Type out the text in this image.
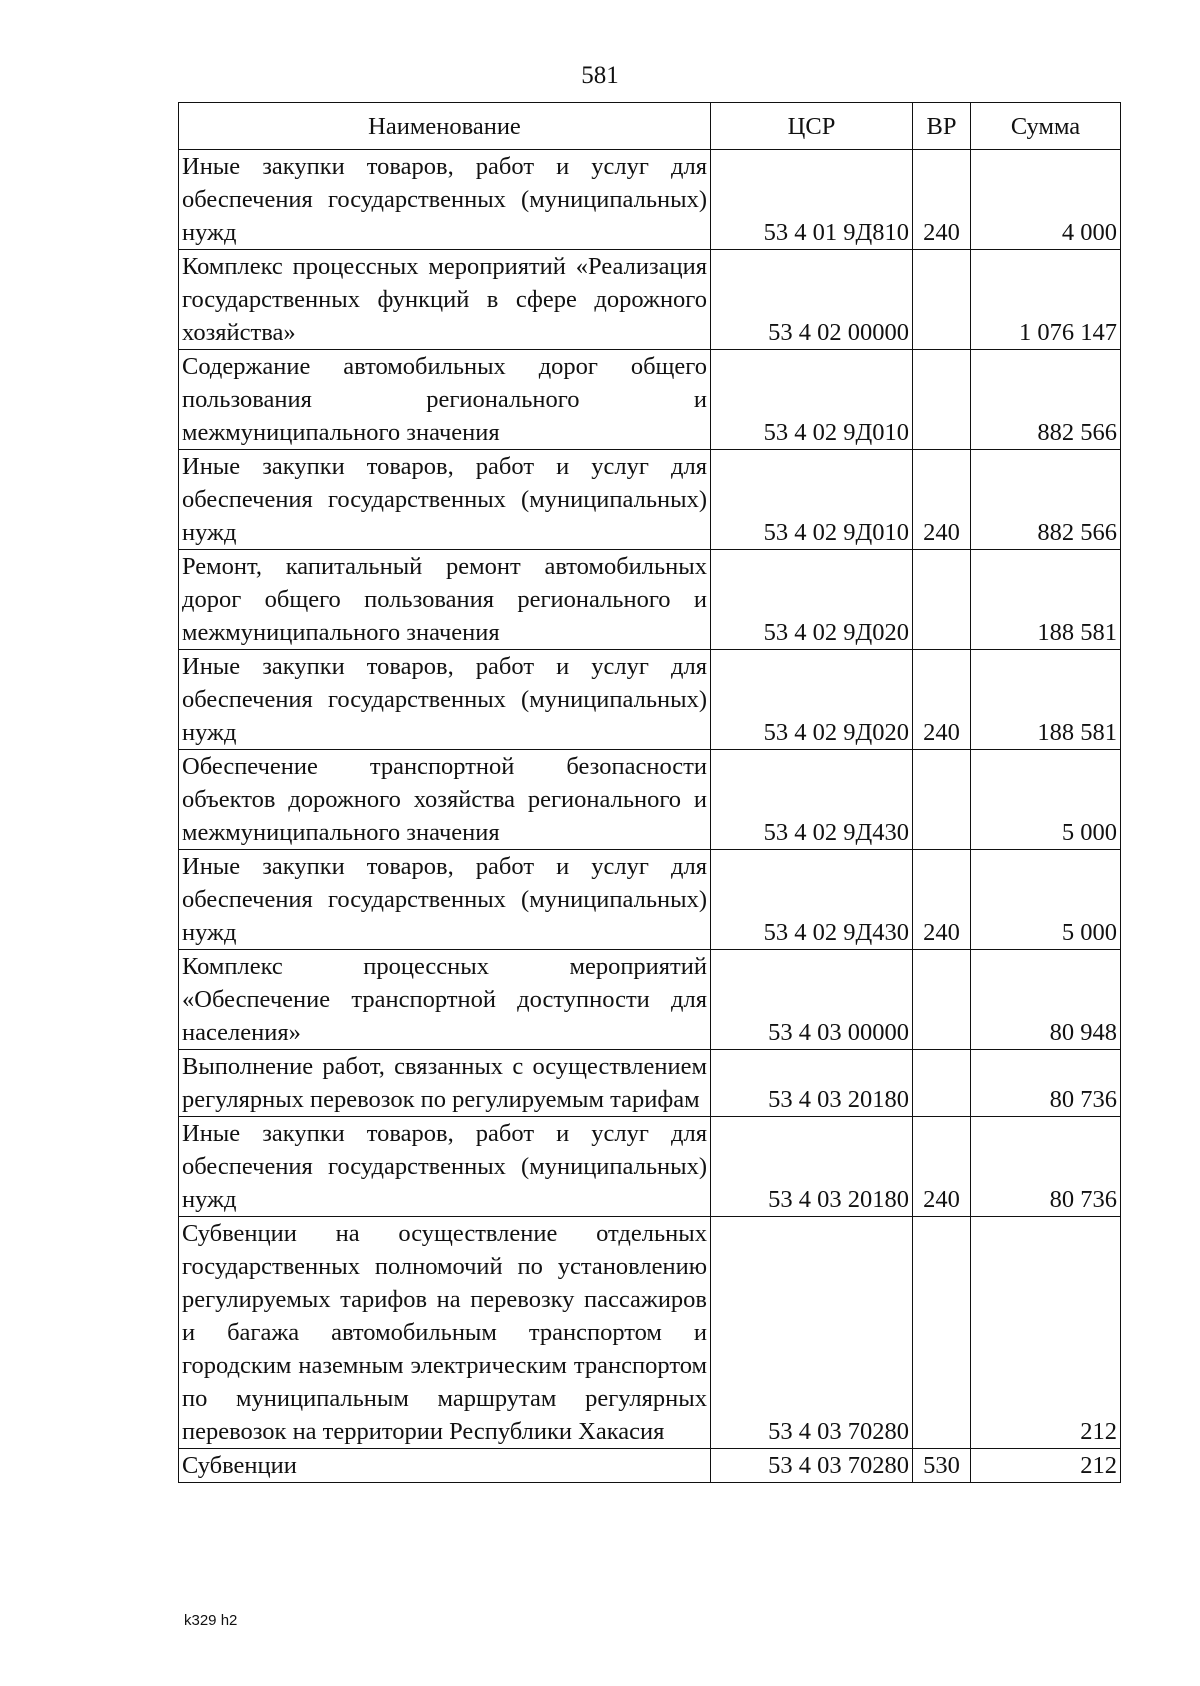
581
Наименование	ЦСР	ВР	Сумма
Иные закупки товаров, работ и услуг для обеспечения государственных (муниципальных) нужд	53 4 01 9Д810	240	4 000
Комплекс процессных мероприятий «Реализация государственных функций в сфере дорожного хозяйства»	53 4 02 00000		1 076 147
Содержание автомобильных дорог общего пользования регионального и межмуниципального значения	53 4 02 9Д010		882 566
Иные закупки товаров, работ и услуг для обеспечения государственных (муниципальных) нужд	53 4 02 9Д010	240	882 566
Ремонт, капитальный ремонт автомобильных дорог общего пользования регионального и межмуниципального значения	53 4 02 9Д020		188 581
Иные закупки товаров, работ и услуг для обеспечения государственных (муниципальных) нужд	53 4 02 9Д020	240	188 581
Обеспечение транспортной безопасности объектов дорожного хозяйства регионального и межмуниципального значения	53 4 02 9Д430		5 000
Иные закупки товаров, работ и услуг для обеспечения государственных (муниципальных) нужд	53 4 02 9Д430	240	5 000
Комплекс процессных мероприятий «Обеспечение транспортной доступности для населения»	53 4 03 00000		80 948
Выполнение работ, связанных с осуществлением регулярных перевозок по регулируемым тарифам	53 4 03 20180		80 736
Иные закупки товаров, работ и услуг для обеспечения государственных (муниципальных) нужд	53 4 03 20180	240	80 736
Субвенции на осуществление отдельных государственных полномочий по установлению регулируемых тарифов на перевозку пассажиров и багажа автомобильным транспортом и городским наземным электрическим транспортом по муниципальным маршрутам регулярных перевозок на территории Республики Хакасия	53 4 03 70280		212
Субвенции	53 4 03 70280	530	212
k329 h2
